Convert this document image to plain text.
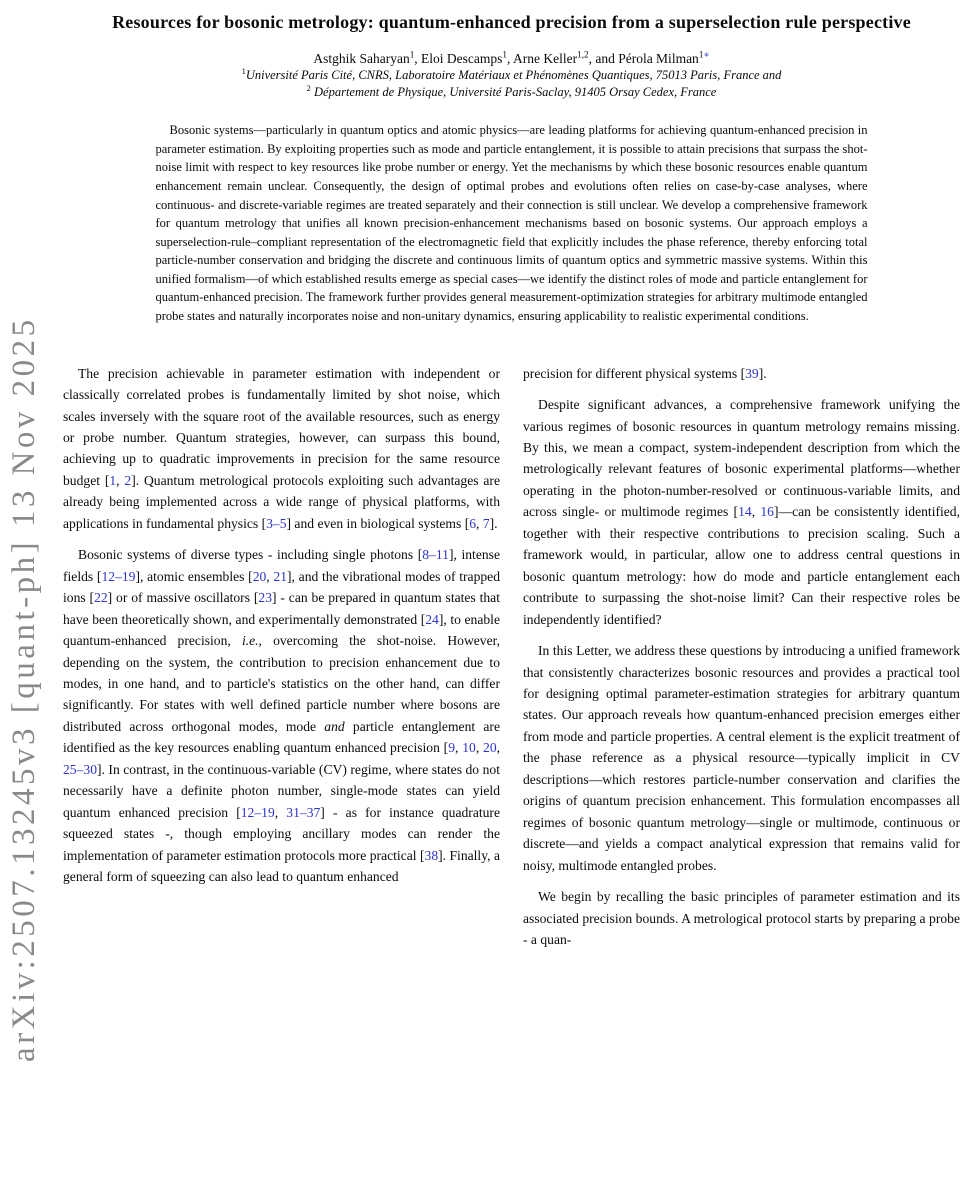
arXiv:2507.13245v3 [quant-ph] 13 Nov 2025
Resources for bosonic metrology: quantum-enhanced precision from a superselection rule perspective
Astghik Saharyan$^1$, Eloi Descamps$^1$, Arne Keller$^{1,2}$, and Pérola Milman$^{1∗}$
$^1$Université Paris Cité, CNRS, Laboratoire Matériaux et Phénomènes Quantiques, 75013 Paris, France and
$^2$ Département de Physique, Université Paris-Saclay, 91405 Orsay Cedex, France
Bosonic systems—particularly in quantum optics and atomic physics—are leading platforms for achieving quantum-enhanced precision in parameter estimation. By exploiting properties such as mode and particle entanglement, it is possible to attain precisions that surpass the shot-noise limit with respect to key resources like probe number or energy. Yet the mechanisms by which these bosonic resources enable quantum enhancement remain unclear. Consequently, the design of optimal probes and evolutions often relies on case-by-case analyses, where continuous- and discrete-variable regimes are treated separately and their connection is still unclear. We develop a comprehensive framework for quantum metrology that unifies all known precision-enhancement mechanisms based on bosonic systems. Our approach employs a superselection-rule–compliant representation of the electromagnetic field that explicitly includes the phase reference, thereby enforcing total particle-number conservation and bridging the discrete and continuous limits of quantum optics and symmetric massive systems. Within this unified formalism—of which established results emerge as special cases—we identify the distinct roles of mode and particle entanglement for quantum-enhanced precision. The framework further provides general measurement-optimization strategies for arbitrary multimode entangled probe states and naturally incorporates noise and non-unitary dynamics, ensuring applicability to realistic experimental conditions.

The precision achievable in parameter estimation with independent or classically correlated probes is fundamentally limited by shot noise, which scales inversely with the square root of the available resources, such as energy or probe number. Quantum strategies, however, can surpass this bound, achieving up to quadratic improvements in precision for the same resource budget [1, 2]. Quantum metrological protocols exploiting such advantages are already being implemented across a wide range of physical platforms, with applications in fundamental physics [3–5] and even in biological systems [6, 7].

Bosonic systems of diverse types - including single photons [8–11], intense fields [12–19], atomic ensembles [20, 21], and the vibrational modes of trapped ions [22] or of massive oscillators [23] - can be prepared in quantum states that have been theoretically shown, and experimentally demonstrated [24], to enable quantum-enhanced precision, i.e., overcoming the shot-noise. However, depending on the system, the contribution to precision enhancement due to modes, in one hand, and to particle's statistics on the other hand, can differ significantly. For states with well defined particle number where bosons are distributed across orthogonal modes, mode and particle entanglement are identified as the key resources enabling quantum enhanced precision [9, 10, 20, 25–30]. In contrast, in the continuous-variable (CV) regime, where states do not necessarily have a definite photon number, single-mode states can yield quantum enhanced precision [12–19, 31–37] - as for instance quadrature squeezed states -, though employing ancillary modes can render the implementation of parameter estimation protocols more practical [38]. Finally, a general form of squeezing can also lead to quantum enhanced

precision for different physical systems [39].

Despite significant advances, a comprehensive framework unifying the various regimes of bosonic resources in quantum metrology remains missing. By this, we mean a compact, system-independent description from which the metrologically relevant features of bosonic experimental platforms—whether operating in the photon-number-resolved or continuous-variable limits, and across single- or multimode regimes [14, 16]—can be consistently identified, together with their respective contributions to precision scaling. Such a framework would, in particular, allow one to address central questions in bosonic quantum metrology: how do mode and particle entanglement each contribute to surpassing the shot-noise limit? Can their respective roles be independently identified?

In this Letter, we address these questions by introducing a unified framework that consistently characterizes bosonic resources and provides a practical tool for designing optimal parameter-estimation strategies for arbitrary quantum states. Our approach reveals how quantum-enhanced precision emerges either from mode and particle properties. A central element is the explicit treatment of the phase reference as a physical resource—typically implicit in CV descriptions—which restores particle-number conservation and clarifies the origins of quantum precision enhancement. This formulation encompasses all regimes of bosonic quantum metrology—single or multimode, continuous or discrete—and yields a compact analytical expression that remains valid for noisy, multimode entangled probes.

We begin by recalling the basic principles of parameter estimation and its associated precision bounds. A metrological protocol starts by preparing a probe - a quan-
